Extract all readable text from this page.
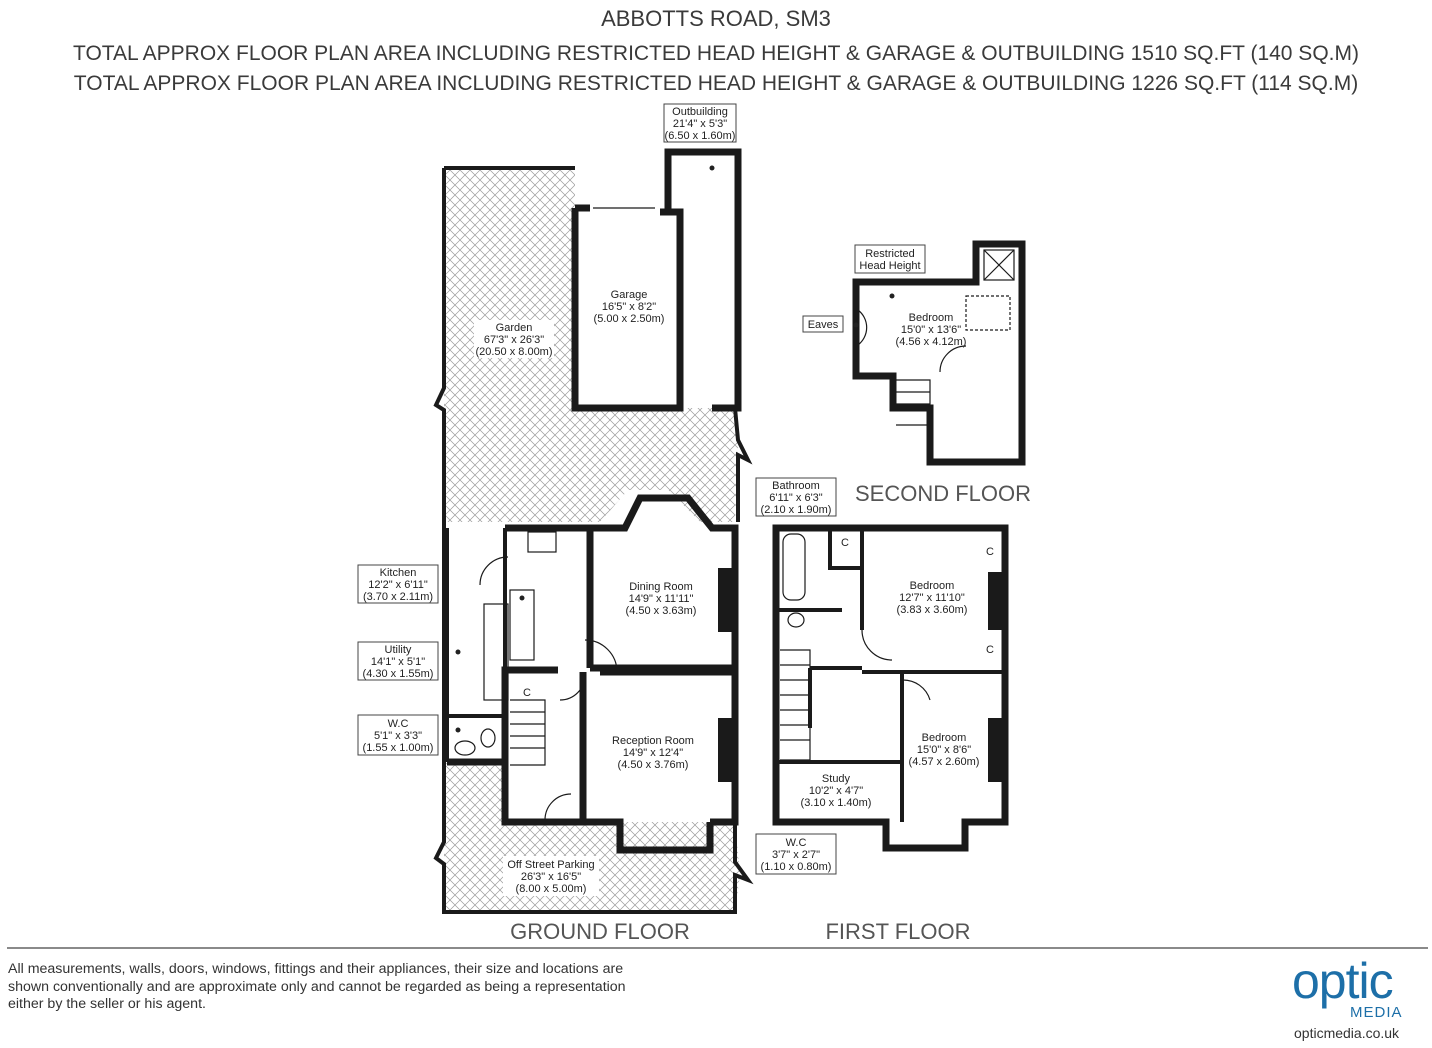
ABBOTTS ROAD, SM3
TOTAL APPROX FLOOR PLAN AREA INCLUDING RESTRICTED HEAD HEIGHT & GARAGE & OUTBUILDING 1510 SQ.FT (140 SQ.M)
TOTAL APPROX FLOOR PLAN AREA INCLUDING RESTRICTED HEAD HEIGHT & GARAGE & OUTBUILDING 1226 SQ.FT (114 SQ.M)
Outbuilding
21'4" x 5'3"
(6.50 x 1.60m)
Garage
16'5" x 8'2"
(5.00 x 2.50m)
Garden
67'3" x 26'3"
(20.50 x 8.00m)
Kitchen
12'2" x 6'11"
(3.70 x 2.11m)
Dining Room
14'9" x 11'11"
(4.50 x 3.63m)
Utility
14'1" x 5'1"
(4.30 x 1.55m)
C
Reception Room
14'9" x 12'4"
(4.50 x 3.76m)
W.C
5'1" x 3'3"
(1.55 x 1.00m)
Off Street Parking
26'3" x 16'5"
(8.00 x 5.00m)
GROUND FLOOR
Bathroom
6'11" x 6'3"
(2.10 x 1.90m)
C
C
C
Bedroom
12'7" x 11'10"
(3.83 x 3.60m)
Bedroom
15'0" x 8'6"
(4.57 x 2.60m)
Study
10'2" x 4'7"
(3.10 x 1.40m)
W.C
3'7" x 2'7"
(1.10 x 0.80m)
FIRST FLOOR
Restricted
Head Height
Eaves
Bedroom
15'0" x 13'6"
(4.56 x 4.12m)
SECOND FLOOR
All measurements, walls, doors, windows, fittings and their appliances, their size and locations are
shown conventionally and are approximate only and cannot be regarded as being a representation
either by the seller or his agent.	optic
MEDIA
opticmedia.co.uk
